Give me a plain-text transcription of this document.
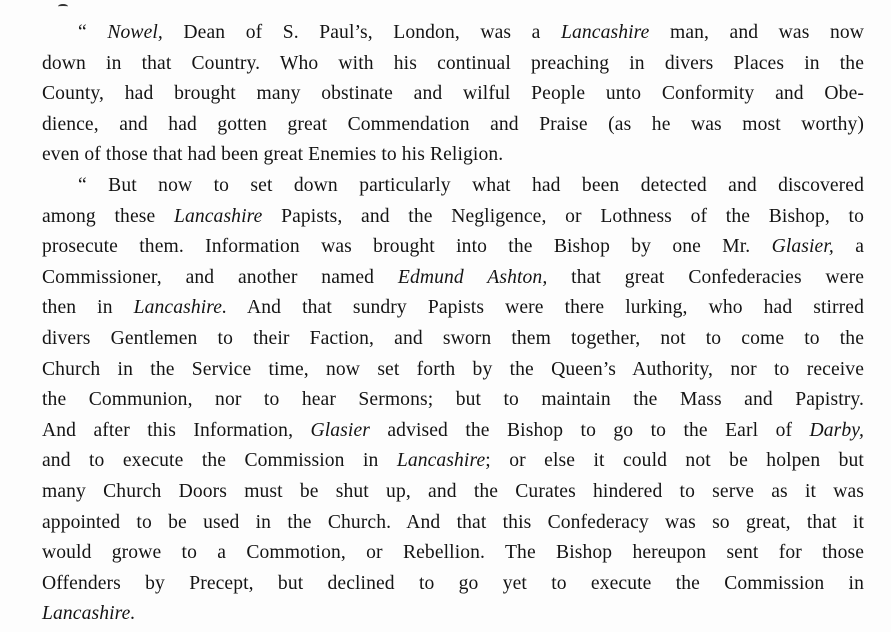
“ Nowel, Dean of S. Paul’s, London, was a Lancashire man, and was now
down in that Country. Who with his continual preaching in divers Places in the
County, had brought many obstinate and wilful People unto Conformity and Obe-
dience, and had gotten great Commendation and Praise (as he was most worthy)
even of those that had been great Enemies to his Religion.
“ But now to set down particularly what had been detected and discovered
among these Lancashire Papists, and the Negligence, or Lothness of the Bishop, to
prosecute them. Information was brought into the Bishop by one Mr. Glasier, a
Commissioner, and another named Edmund Ashton, that great Confederacies were
then in Lancashire. And that sundry Papists were there lurking, who had stirred
divers Gentlemen to their Faction, and sworn them together, not to come to the
Church in the Service time, now set forth by the Queen’s Authority, nor to receive
the Communion, nor to hear Sermons; but to maintain the Mass and Papistry.
And after this Information, Glasier advised the Bishop to go to the Earl of Darby,
and to execute the Commission in Lancashire; or else it could not be holpen but
many Church Doors must be shut up, and the Curates hindered to serve as it was
appointed to be used in the Church. And that this Confederacy was so great, that it
would growe to a Commotion, or Rebellion. The Bishop hereupon sent for those
Offenders by Precept, but declined to go yet to execute the Commission in
Lancashire.
